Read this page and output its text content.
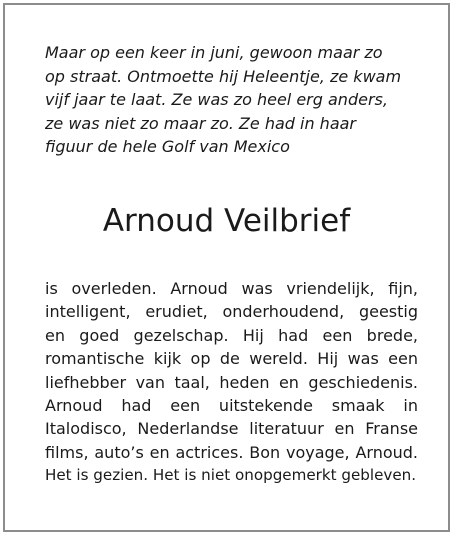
Maar op een keer in juni, gewoon maar zo
op straat. Ontmoette hij Heleentje, ze kwam
vijf jaar te laat. Ze was zo heel erg anders,
ze was niet zo maar zo. Ze had in haar
figuur de hele Golf van Mexico

Arnoud Veilbrief

is overleden. Arnoud was vriendelijk, fijn,
intelligent, erudiet, onderhoudend, geestig
en goed gezelschap. Hij had een brede,
romantische kijk op de wereld. Hij was een
liefhebber van taal, heden en geschiedenis.
Arnoud had een uitstekende smaak in
Italodisco, Nederlandse literatuur en Franse
films, auto’s en actrices. Bon voyage, Arnoud.
Het is gezien. Het is niet onopgemerkt gebleven.
